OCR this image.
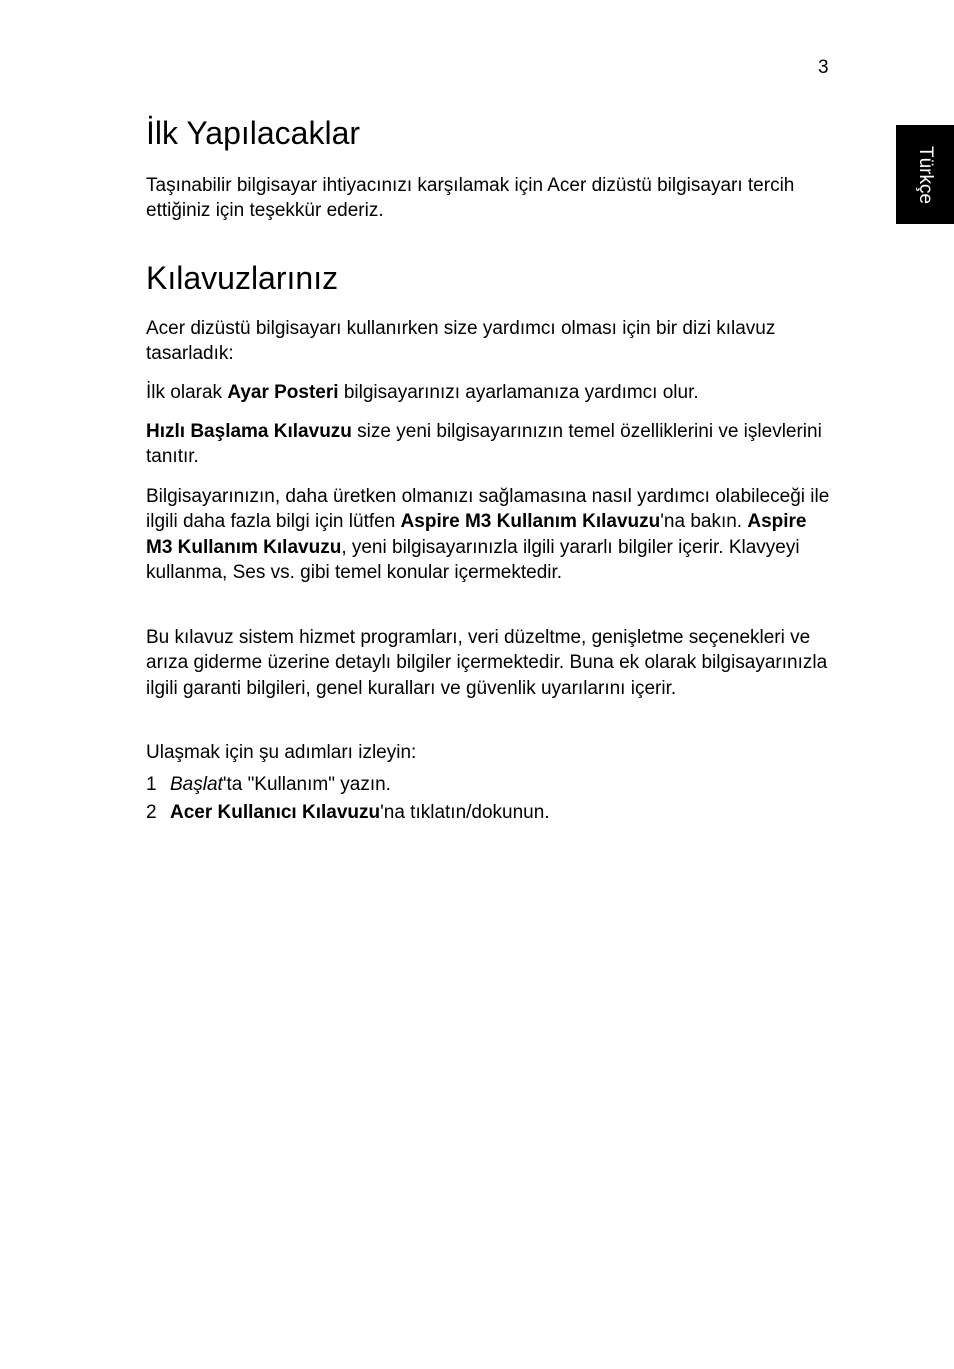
3
Türkçe
İlk Yapılacaklar

Taşınabilir bilgisayar ihtiyacınızı karşılamak için Acer dizüstü bilgisayarı tercih ettiğiniz için teşekkür ederiz.

Kılavuzlarınız

Acer dizüstü bilgisayarı kullanırken size yardımcı olması için bir dizi kılavuz tasarladık:

İlk olarak Ayar Posteri bilgisayarınızı ayarlamanıza yardımcı olur.

Hızlı Başlama Kılavuzu size yeni bilgisayarınızın temel özelliklerini ve işlevlerini tanıtır.

Bilgisayarınızın, daha üretken olmanızı sağlamasına nasıl yardımcı olabileceği ile ilgili daha fazla bilgi için lütfen Aspire M3 Kullanım Kılavuzu'na bakın. Aspire M3 Kullanım Kılavuzu, yeni bilgisayarınızla ilgili yararlı bilgiler içerir. Klavyeyi kullanma, Ses vs. gibi temel konular içermektedir.

Bu kılavuz sistem hizmet programları, veri düzeltme, genişletme seçenekleri ve arıza giderme üzerine detaylı bilgiler içermektedir. Buna ek olarak bilgisayarınızla ilgili garanti bilgileri, genel kuralları ve güvenlik uyarılarını içerir.

Ulaşmak için şu adımları izleyin:

1 Başlat'ta "Kullanım" yazın.

2 Acer Kullanıcı Kılavuzu'na tıklatın/dokunun.
